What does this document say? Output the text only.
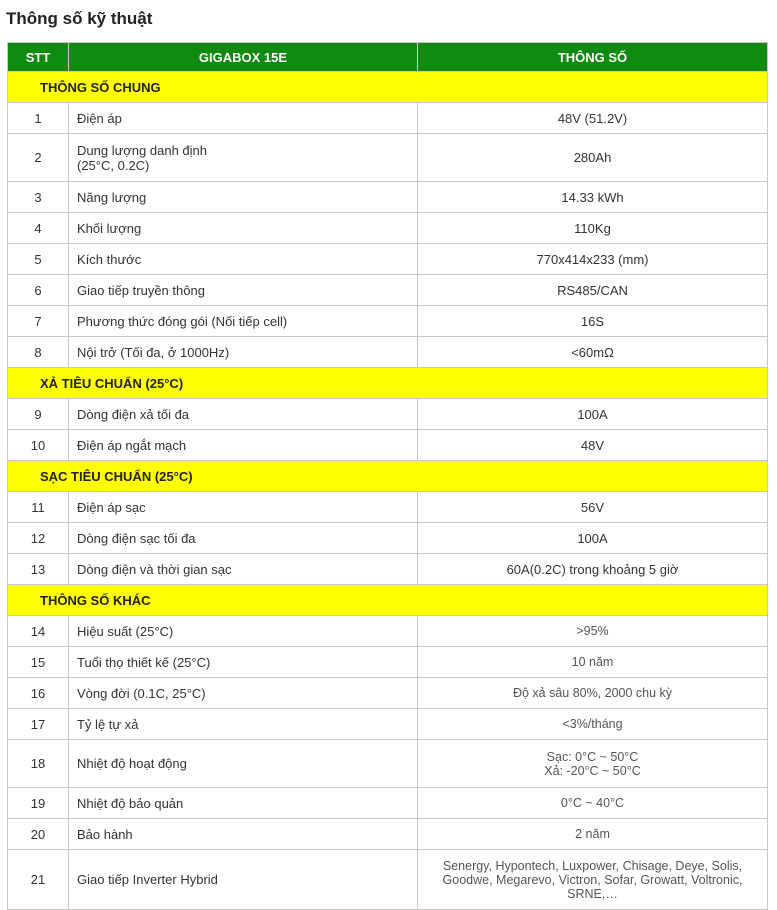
Thông số kỹ thuật
STT	GIGABOX 15E	THÔNG SỐ
THÔNG SỐ CHUNG		
1	Điện áp	48V (51.2V)
2	Dung lượng danh định
(25°C, 0.2C)	280Ah
3	Năng lượng	14.33 kWh
4	Khối lượng	110Kg
5	Kích thước	770x414x233 (mm)
6	Giao tiếp truyền thông	RS485/CAN
7	Phương thức đóng gói (Nối tiếp cell)	16S
8	Nội trở (Tối đa, ở 1000Hz)	<60mΩ
XẢ TIÊU CHUẨN (25°C)		
9	Dòng điện xả tối đa	100A
10	Điện áp ngắt mạch	48V
SẠC TIÊU CHUẨN (25°C)		
11	Điện áp sạc	56V
12	Dòng điện sạc tối đa	100A
13	Dòng điện và thời gian sạc	60A(0.2C) trong khoảng 5 giờ
THÔNG SỐ KHÁC		
14	Hiệu suất (25°C)	>95%
15	Tuổi thọ thiết kế (25°C)	10 năm
16	Vòng đời (0.1C, 25°C)	Độ xả sâu 80%, 2000 chu kỳ
17	Tỷ lệ tự xả	<3%/tháng
18	Nhiệt độ hoạt động	Sạc: 0°C ~ 50°C
Xả: -20°C ~ 50°C
19	Nhiệt độ bảo quản	0°C ~ 40°C
20	Bảo hành	2 năm
21	Giao tiếp Inverter Hybrid	Senergy, Hypontech, Luxpower, Chisage, Deye, Solis,
Goodwe, Megarevo, Victron, Sofar, Growatt, Voltronic,
SRNE,…
